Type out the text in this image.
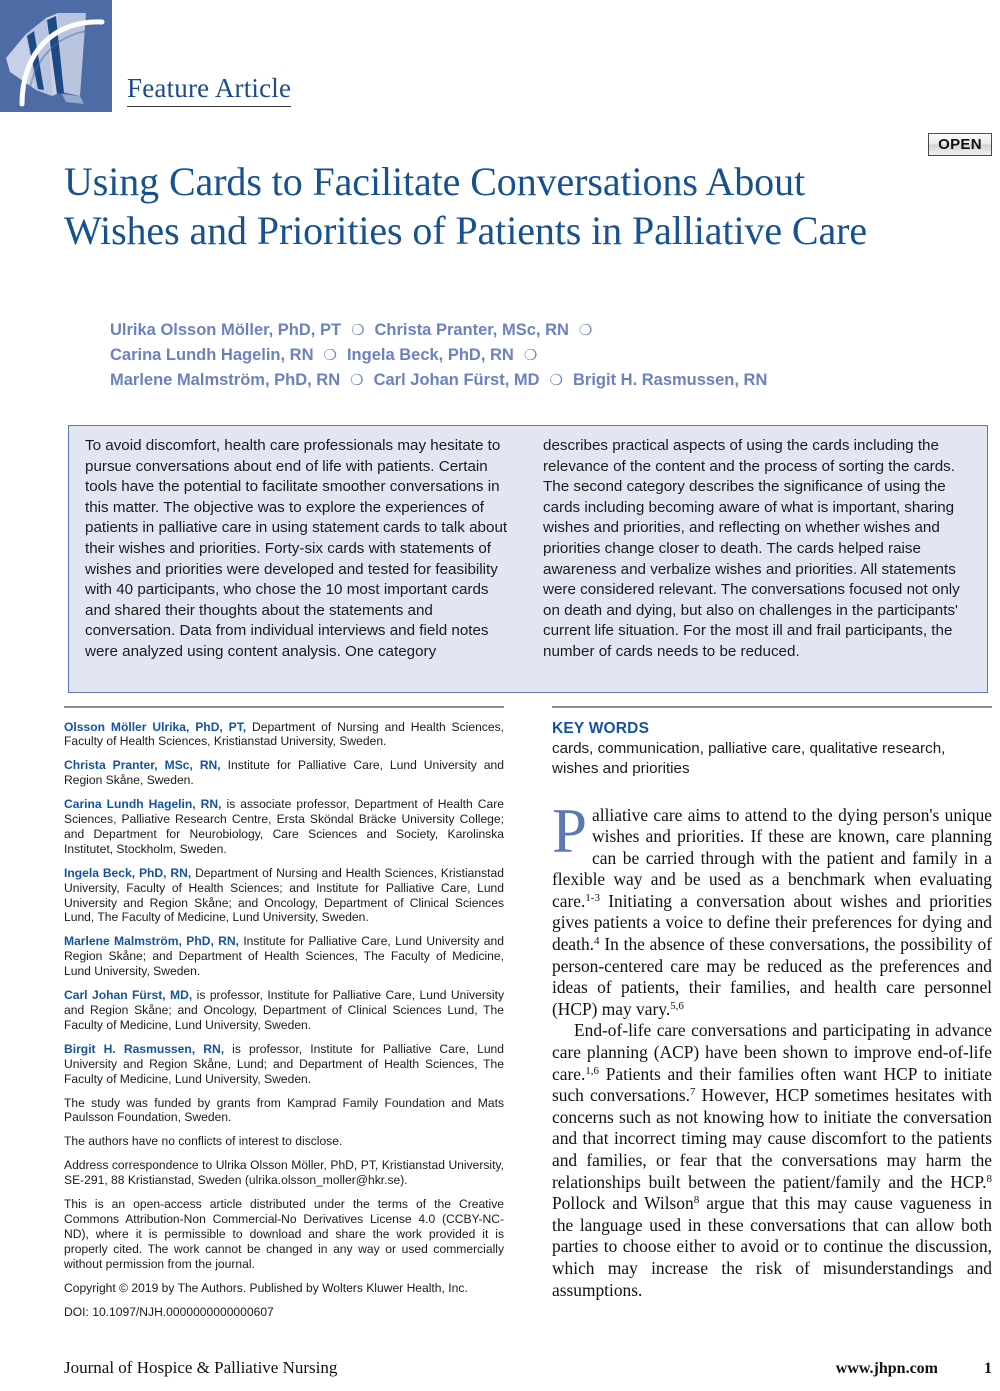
Feature Article
OPEN
Using Cards to Facilitate Conversations About Wishes and Priorities of Patients in Palliative Care
Ulrika Olsson Möller, PhD, PT ❍ Christa Pranter, MSc, RN ❍
Carina Lundh Hagelin, RN ❍ Ingela Beck, PhD, RN ❍
Marlene Malmström, PhD, RN ❍ Carl Johan Fürst, MD ❍ Brigit H. Rasmussen, RN
To avoid discomfort, health care professionals may hesitate to pursue conversations about end of life with patients. Certain tools have the potential to facilitate smoother conversations in this matter. The objective was to explore the experiences of patients in palliative care in using statement cards to talk about their wishes and priorities. Forty-six cards with statements of wishes and priorities were developed and tested for feasibility with 40 participants, who chose the 10 most important cards and shared their thoughts about the statements and conversation. Data from individual interviews and field notes were analyzed using content analysis. One category
describes practical aspects of using the cards including the relevance of the content and the process of sorting the cards. The second category describes the significance of using the cards including becoming aware of what is important, sharing wishes and priorities, and reflecting on whether wishes and priorities change closer to death. The cards helped raise awareness and verbalize wishes and priorities. All statements were considered relevant. The conversations focused not only on death and dying, but also on challenges in the participants' current life situation. For the most ill and frail participants, the number of cards needs to be reduced.

Olsson Möller Ulrika, PhD, PT, Department of Nursing and Health Sciences, Faculty of Health Sciences, Kristianstad University, Sweden.

Christa Pranter, MSc, RN, Institute for Palliative Care, Lund University and Region Skåne, Sweden.

Carina Lundh Hagelin, RN, is associate professor, Department of Health Care Sciences, Palliative Research Centre, Ersta Sköndal Bräcke University College; and Department for Neurobiology, Care Sciences and Society, Karolinska Institutet, Stockholm, Sweden.

Ingela Beck, PhD, RN, Department of Nursing and Health Sciences, Kristianstad University, Faculty of Health Sciences; and Institute for Palliative Care, Lund University and Region Skåne; and Oncology, Department of Clinical Sciences Lund, The Faculty of Medicine, Lund University, Sweden.

Marlene Malmström, PhD, RN, Institute for Palliative Care, Lund University and Region Skåne; and Department of Health Sciences, The Faculty of Medicine, Lund University, Sweden.

Carl Johan Fürst, MD, is professor, Institute for Palliative Care, Lund University and Region Skåne; and Oncology, Department of Clinical Sciences Lund, The Faculty of Medicine, Lund University, Sweden.

Birgit H. Rasmussen, RN, is professor, Institute for Palliative Care, Lund University and Region Skåne, Lund; and Department of Health Sciences, The Faculty of Medicine, Lund University, Sweden.

The study was funded by grants from Kamprad Family Foundation and Mats Paulsson Foundation, Sweden.

The authors have no conflicts of interest to disclose.

Address correspondence to Ulrika Olsson Möller, PhD, PT, Kristianstad University, SE-291, 88 Kristianstad, Sweden (ulrika.olsson_moller@hkr.se).

This is an open-access article distributed under the terms of the Creative Commons Attribution-Non Commercial-No Derivatives License 4.0 (CCBY-NC-ND), where it is permissible to download and share the work provided it is properly cited. The work cannot be changed in any way or used commercially without permission from the journal.

Copyright © 2019 by The Authors. Published by Wolters Kluwer Health, Inc.

DOI: 10.1097/NJH.0000000000000607

KEY WORDS

cards, communication, palliative care, qualitative research, wishes and priorities

Palliative care aims to attend to the dying person's unique wishes and priorities. If these are known, care planning can be carried through with the patient and family in a flexible way and be used as a benchmark when evaluating care.$^{1-3}$ Initiating a conversation about wishes and priorities gives patients a voice to define their preferences for dying and death.$^4$ In the absence of these conversations, the possibility of person-centered care may be reduced as the preferences and ideas of patients, their families, and health care personnel (HCP) may vary.$^{5,6}$

End-of-life care conversations and participating in advance care planning (ACP) have been shown to improve end-of-life care.$^{1,6}$ Patients and their families often want HCP to initiate such conversations.$^7$ However, HCP sometimes hesitates with concerns such as not knowing how to initiate the conversation and that incorrect timing may cause discomfort to the patients and families, or fear that the conversations may harm the relationships built between the patient/family and the HCP.$^8$ Pollock and Wilson$^8$ argue that this may cause vagueness in the language used in these conversations that can allow both parties to choose either to avoid or to continue the discussion, which may increase the risk of misunderstandings and assumptions.

Journal of Hospice & Palliative Nursing	www.jhpn.com	1
